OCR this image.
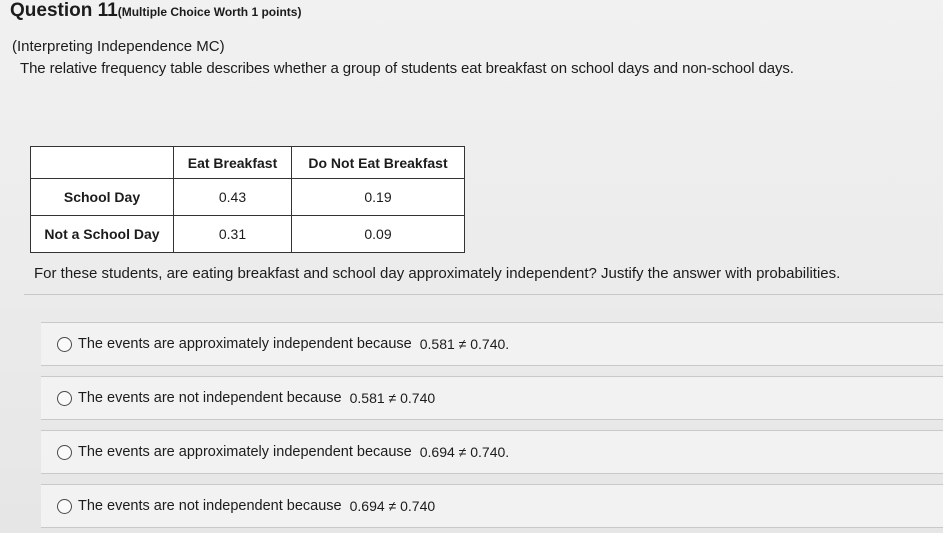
Question 11(Multiple Choice Worth 1 points)
(Interpreting Independence MC)
The relative frequency table describes whether a group of students eat breakfast on school days and non-school days.
	Eat Breakfast	Do Not Eat Breakfast
School Day	0.43	0.19
Not a School Day	0.31	0.09
For these students, are eating breakfast and school day approximately independent? Justify the answer with probabilities.
The events are approximately independent because 0.581 ≠ 0.740.
The events are not independent because 0.581 ≠ 0.740
The events are approximately independent because 0.694 ≠ 0.740.
The events are not independent because 0.694 ≠ 0.740
